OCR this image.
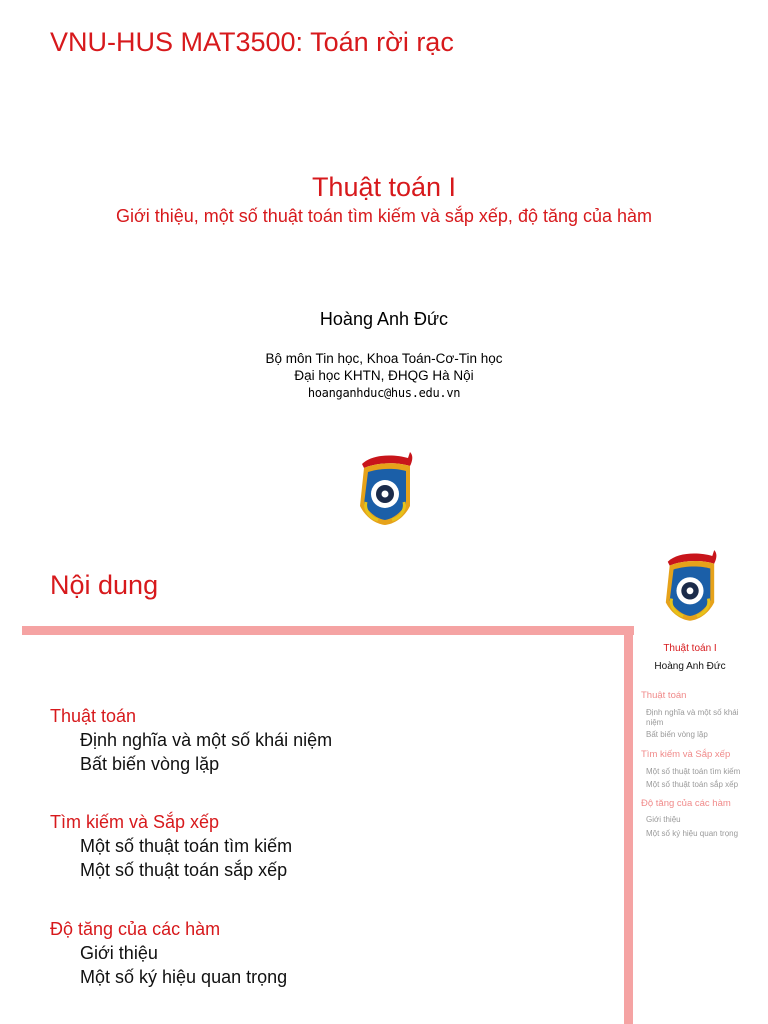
VNU-HUS MAT3500: Toán rời rạc
Thuật toán I
Giới thiệu, một số thuật toán tìm kiếm và sắp xếp, độ tăng của hàm
Hoàng Anh Đức
Bộ môn Tin học, Khoa Toán-Cơ-Tin học
Đại học KHTN, ĐHQG Hà Nội
hoanganhduc@hus.edu.vn
Nội dung
Thuật toán
Định nghĩa và một số khái niệm
Bất biến vòng lặp
Tìm kiếm và Sắp xếp
Một số thuật toán tìm kiếm
Một số thuật toán sắp xếp
Độ tăng của các hàm
Giới thiệu
Một số ký hiệu quan trọng
Thuật toán I
Hoàng Anh Đức
Thuật toán
Định nghĩa và một số khái
niệm
Bất biến vòng lặp
Tìm kiếm và Sắp xếp
Một số thuật toán tìm kiếm
Một số thuật toán sắp xếp
Độ tăng của các hàm
Giới thiệu
Một số ký hiệu quan trọng
